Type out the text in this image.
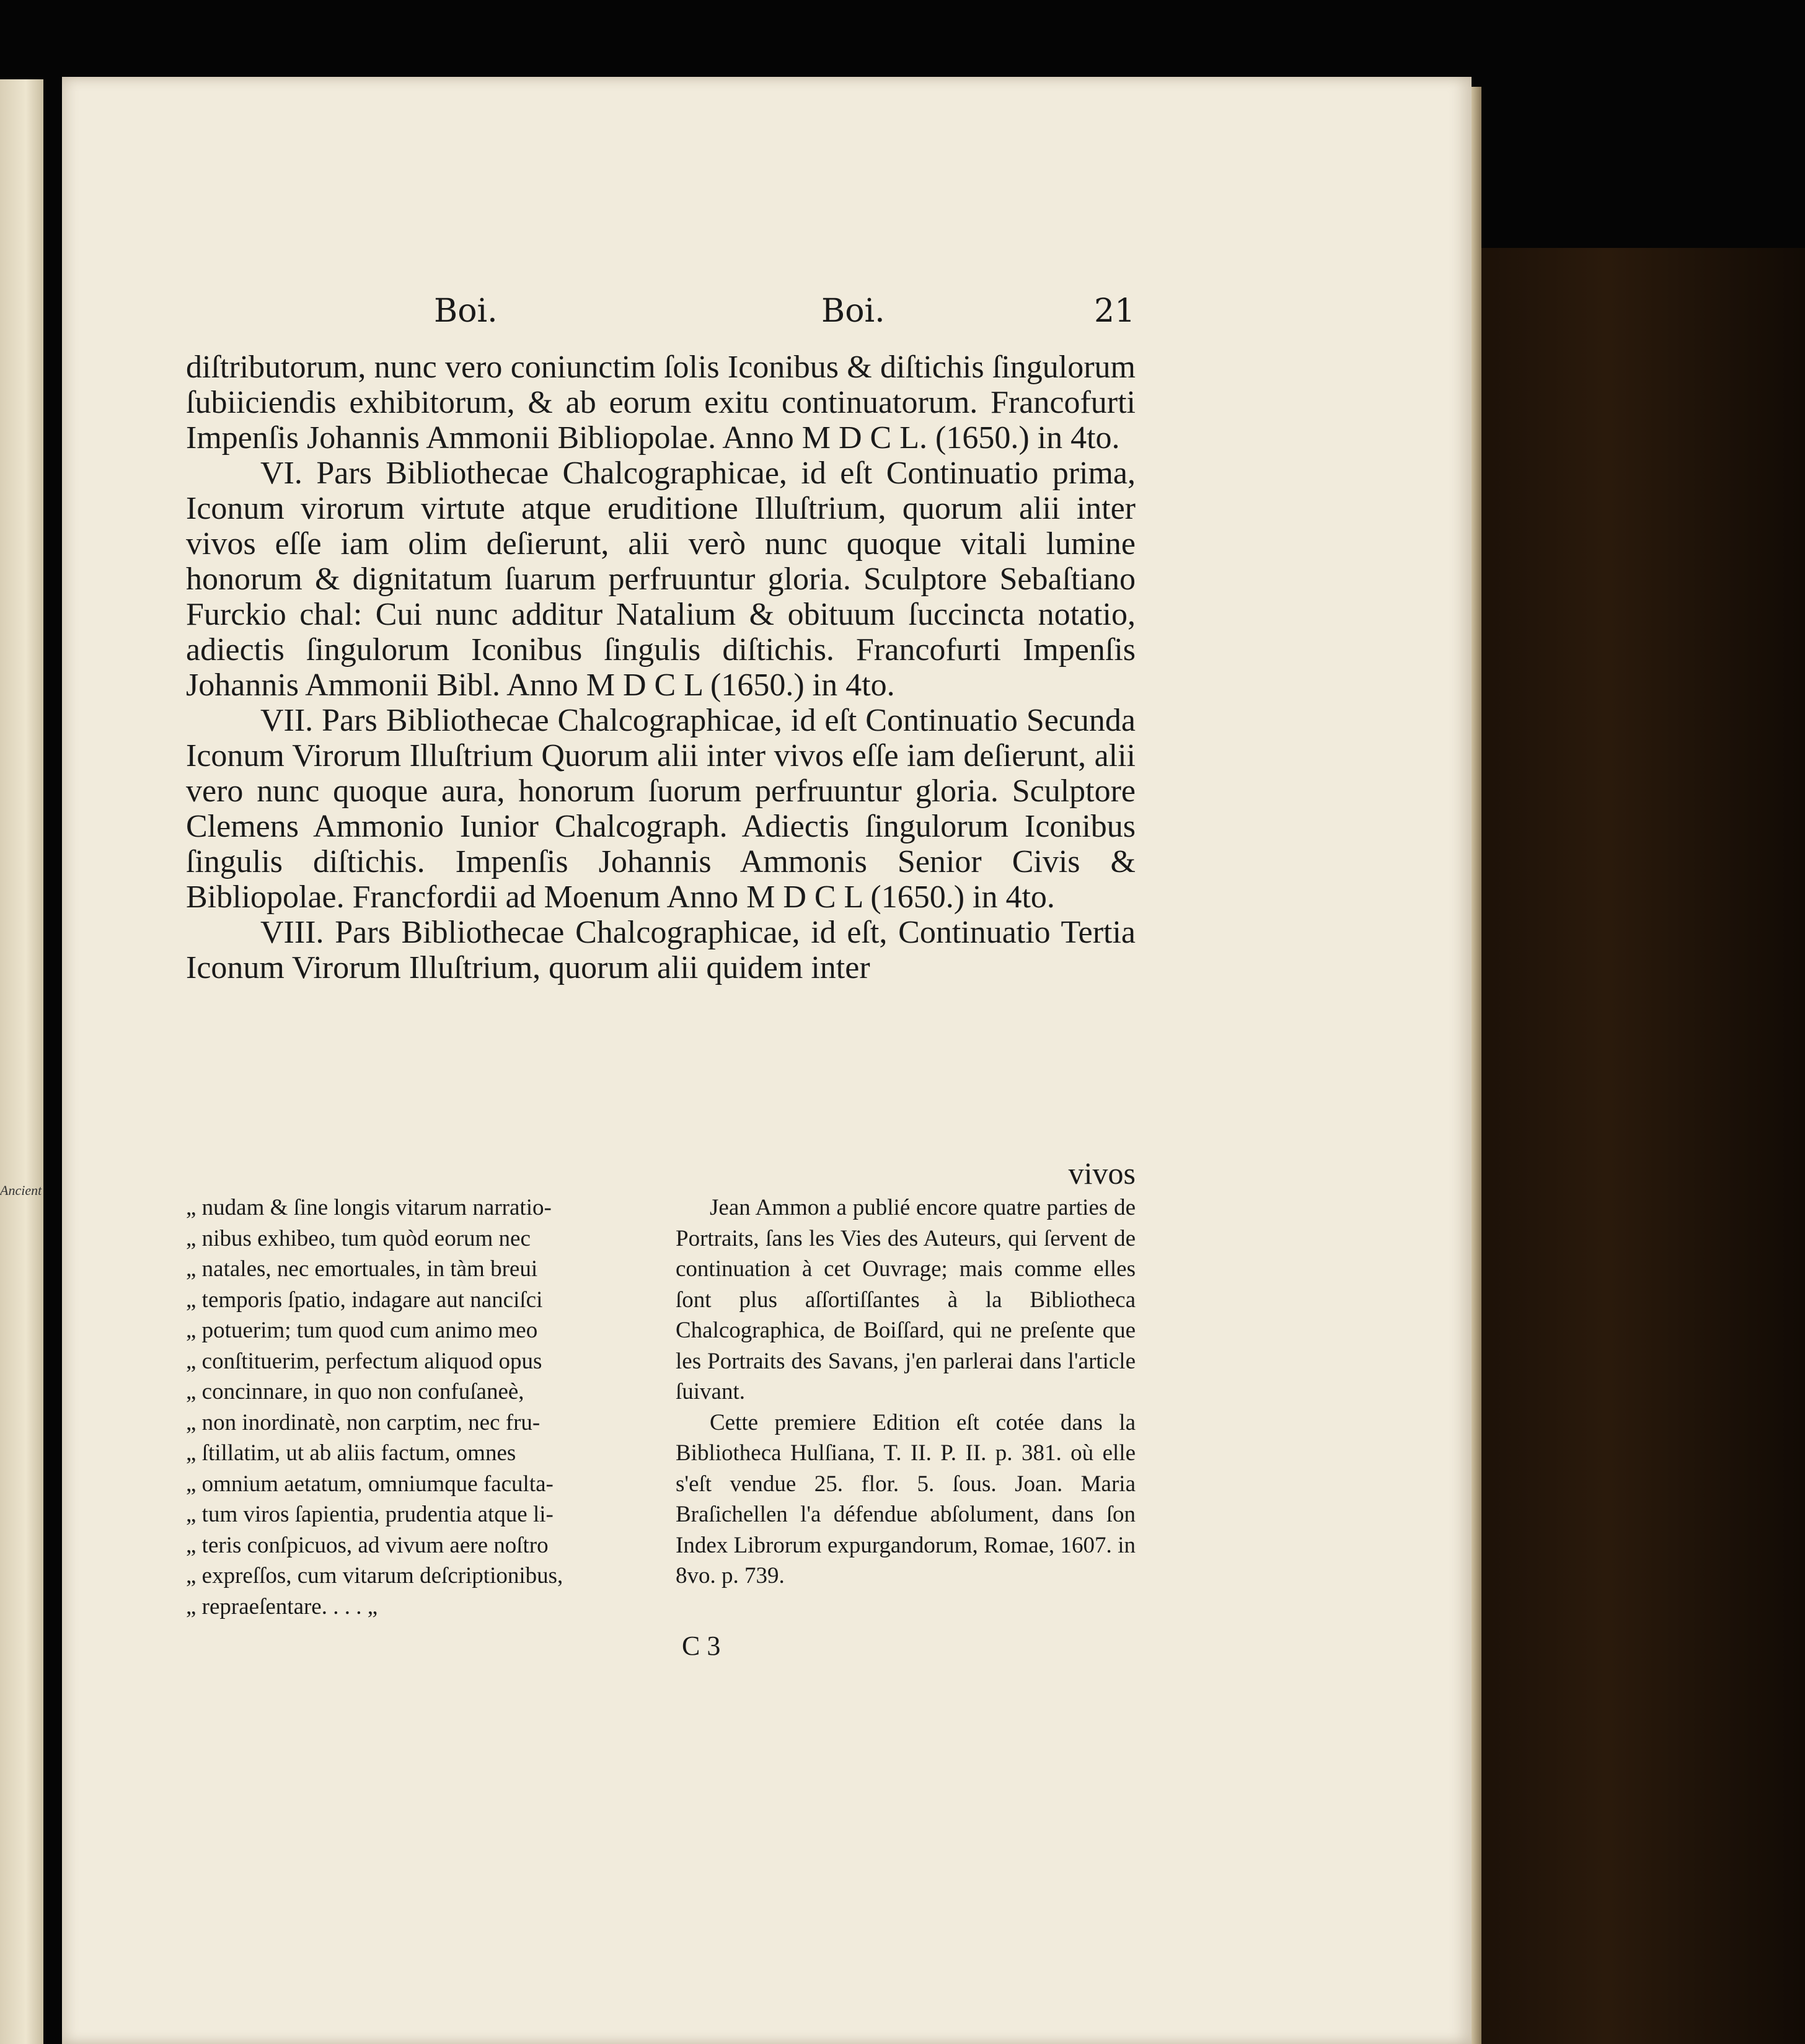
Ancient
Boi.	Boi.	21

diſtributorum, nunc vero coniunctim ſolis Iconibus & diſtichis ſingulorum ſubiiciendis exhibitorum, & ab eorum exitu continuatorum. Francofurti Impenſis Johannis Ammonii Bibliopolae. Anno M D C L. (1650.) in 4to.

VI. Pars Bibliothecae Chalcographicae, id eſt Continuatio prima, Iconum virorum virtute atque eruditione Illuſtrium, quorum alii inter vivos eſſe iam olim deſierunt, alii verò nunc quoque vitali lumine honorum & dignitatum ſuarum perfruuntur gloria. Sculptore Sebaſtiano Furckio chal: Cui nunc additur Natalium & obituum ſuccincta notatio, adiectis ſingulorum Iconibus ſingulis diſtichis. Francofurti Impenſis Johannis Ammonii Bibl. Anno M D C L (1650.) in 4to.

VII. Pars Bibliothecae Chalcographicae, id eſt Continuatio Secunda Iconum Virorum Illuſtrium Quorum alii inter vivos eſſe iam deſierunt, alii vero nunc quoque aura, honorum ſuorum perfruuntur gloria. Sculptore Clemens Ammonio Iunior Chalcograph. Adiectis ſingulorum Iconibus ſingulis diſtichis. Impenſis Johannis Ammonis Senior Civis & Bibliopolae. Francfordii ad Moenum Anno M D C L (1650.) in 4to.

VIII. Pars Bibliothecae Chalcographicae, id eſt, Continuatio Tertia Iconum Virorum Illuſtrium, quorum alii quidem inter

vivos
„ nudam & ſine longis vitarum narratio-
„ nibus exhibeo, tum quòd eorum nec
„ natales, nec emortuales, in tàm breui
„ temporis ſpatio, indagare aut nanciſci
„ potuerim; tum quod cum animo meo
„ conſtituerim, perfectum aliquod opus
„ concinnare, in quo non confuſaneè,
„ non inordinatè, non carptim, nec fru-
„ ſtillatim, ut ab aliis factum, omnes
„ omnium aetatum, omniumque faculta-
„ tum viros ſapientia, prudentia atque li-
„ teris conſpicuos, ad vivum aere noſtro
„ expreſſos, cum vitarum deſcriptionibus,
„ repraeſentare. . . . „

Jean Ammon a publié encore quatre parties de Portraits, ſans les Vies des Auteurs, qui ſervent de continuation à cet Ouvrage; mais comme elles ſont plus aſſortiſſantes à la Bibliotheca Chalcographica, de Boiſſard, qui ne preſente que les Portraits des Savans, j'en parlerai dans l'article ſuivant.

Cette premiere Edition eſt cotée dans la Bibliotheca Hulſiana, T. II. P. II. p. 381. où elle s'eſt vendue 25. flor. 5. ſous. Joan. Maria Braſichellen l'a défendue abſolument, dans ſon Index Librorum expurgandorum, Romae, 1607. in 8vo. p. 739.

C 3
